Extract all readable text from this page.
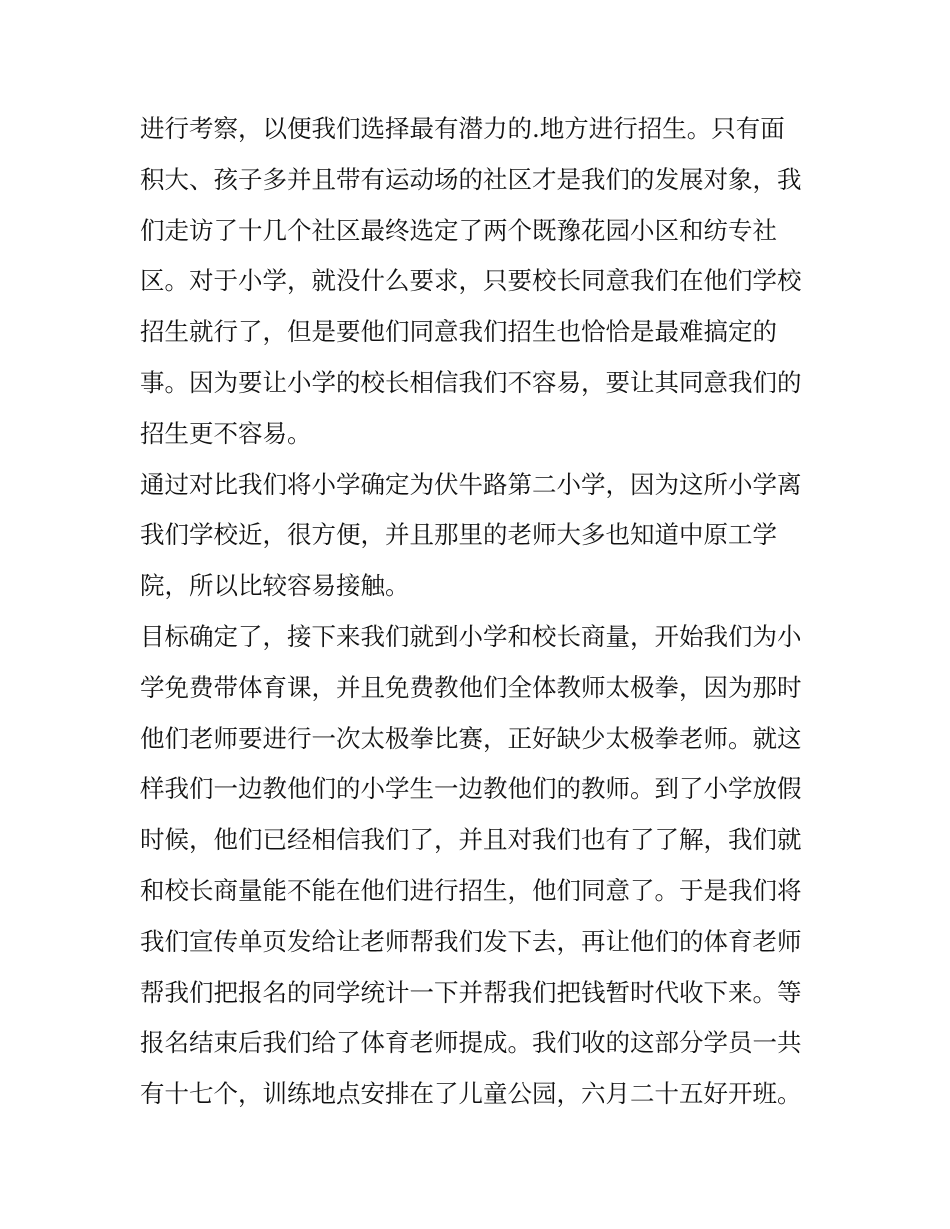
进行考察，以便我们选择最有潜力的.地方进行招生。只有面
积大、孩子多并且带有运动场的社区才是我们的发展对象，我
们走访了十几个社区最终选定了两个既豫花园小区和纺专社
区。对于小学，就没什么要求，只要校长同意我们在他们学校
招生就行了，但是要他们同意我们招生也恰恰是最难搞定的
事。因为要让小学的校长相信我们不容易，要让其同意我们的
招生更不容易。
通过对比我们将小学确定为伏牛路第二小学，因为这所小学离
我们学校近，很方便，并且那里的老师大多也知道中原工学
院，所以比较容易接触。
目标确定了，接下来我们就到小学和校长商量，开始我们为小
学免费带体育课，并且免费教他们全体教师太极拳，因为那时
他们老师要进行一次太极拳比赛，正好缺少太极拳老师。就这
样我们一边教他们的小学生一边教他们的教师。到了小学放假
时候，他们已经相信我们了，并且对我们也有了了解，我们就
和校长商量能不能在他们进行招生，他们同意了。于是我们将
我们宣传单页发给让老师帮我们发下去，再让他们的体育老师
帮我们把报名的同学统计一下并帮我们把钱暂时代收下来。等
报名结束后我们给了体育老师提成。我们收的这部分学员一共
有十七个，训练地点安排在了儿童公园，六月二十五好开班。
